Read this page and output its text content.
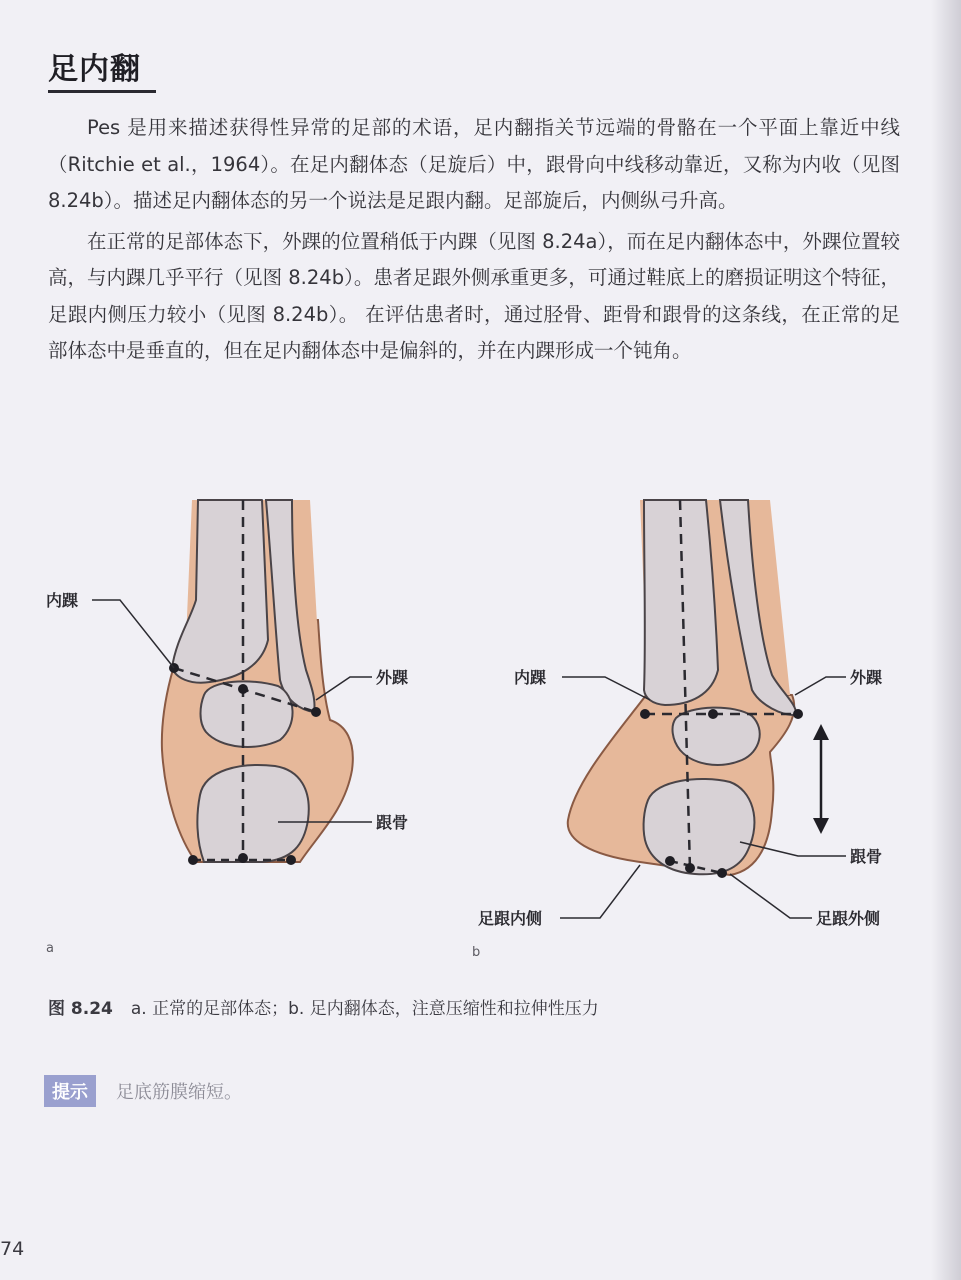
足内翻

Pes 是用来描述获得性异常的足部的术语，足内翻指关节远端的骨骼在一个平面上靠近中线（Ritchie et al.，1964）。在足内翻体态（足旋后）中，跟骨向中线移动靠近，又称为内收（见图 8.24b）。描述足内翻体态的另一个说法是足跟内翻。足部旋后，内侧纵弓升高。

在正常的足部体态下，外踝的位置稍低于内踝（见图 8.24a），而在足内翻体态中，外踝位置较高，与内踝几乎平行（见图 8.24b）。患者足跟外侧承重更多，可通过鞋底上的磨损证明这个特征，足跟内侧压力较小（见图 8.24b）。 在评估患者时，通过胫骨、距骨和跟骨的这条线，在正常的足部体态中是垂直的，但在足内翻体态中是偏斜的，并在内踝形成一个钝角。

内踝
外踝
跟骨
a
内踝	外踝
跟骨
足跟内侧	足跟外侧
b
图 8.24 a. 正常的足部体态；b. 足内翻体态，注意压缩性和拉伸性压力
提示	足底筋膜缩短。
74
